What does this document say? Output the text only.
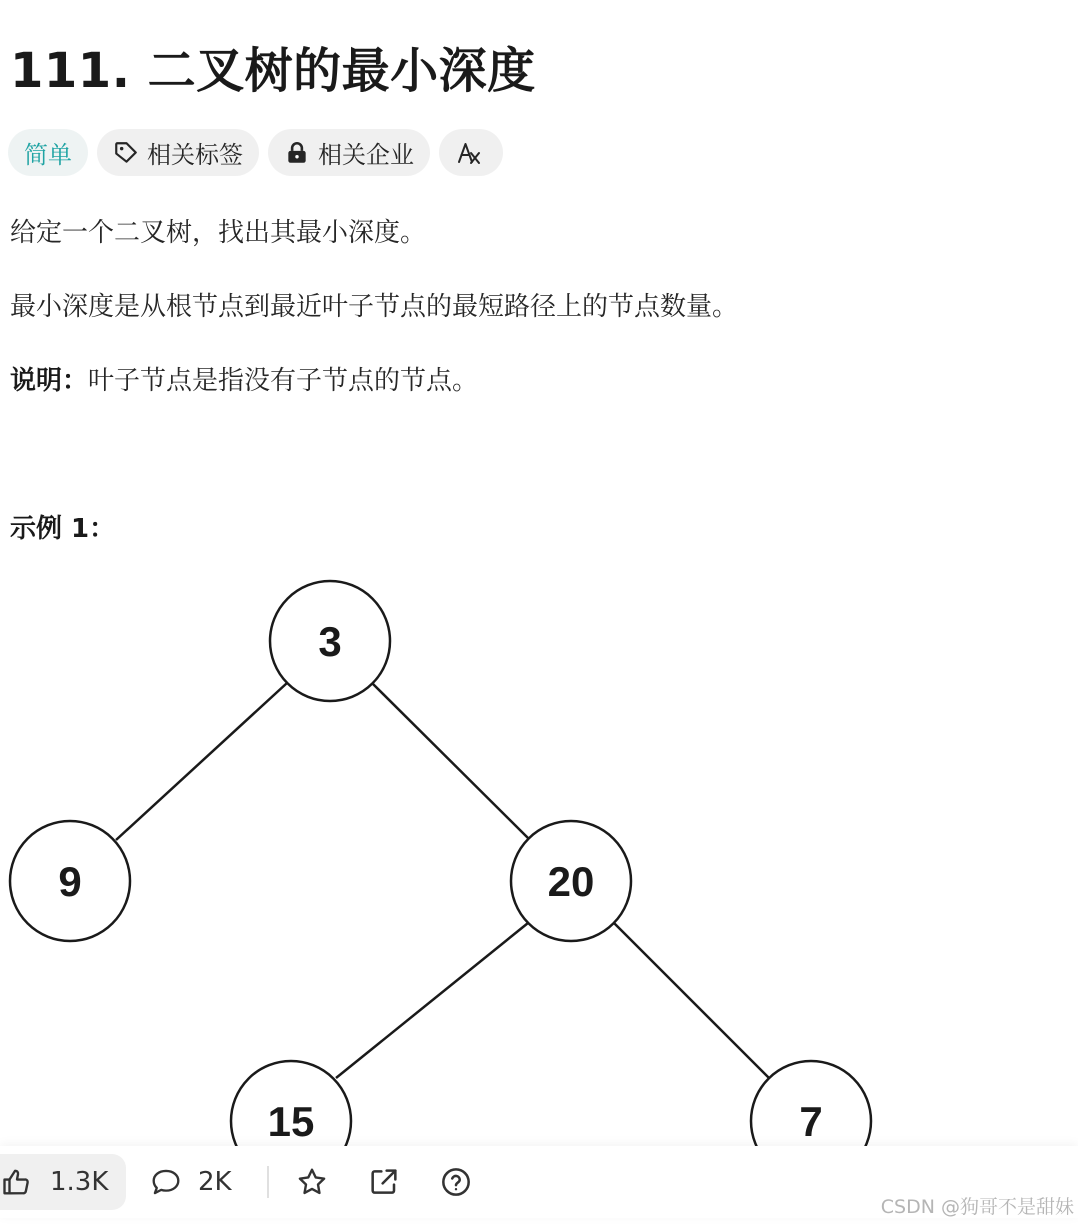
111. 二叉树的最小深度
简单	相关标签	相关企业
给定一个二叉树，找出其最小深度。
最小深度是从根节点到最近叶子节点的最短路径上的节点数量。
说明：叶子节点是指没有子节点的节点。
示例 1：
3
9	20
15	7
1.3K	2K
CSDN @狗哥不是甜妹
